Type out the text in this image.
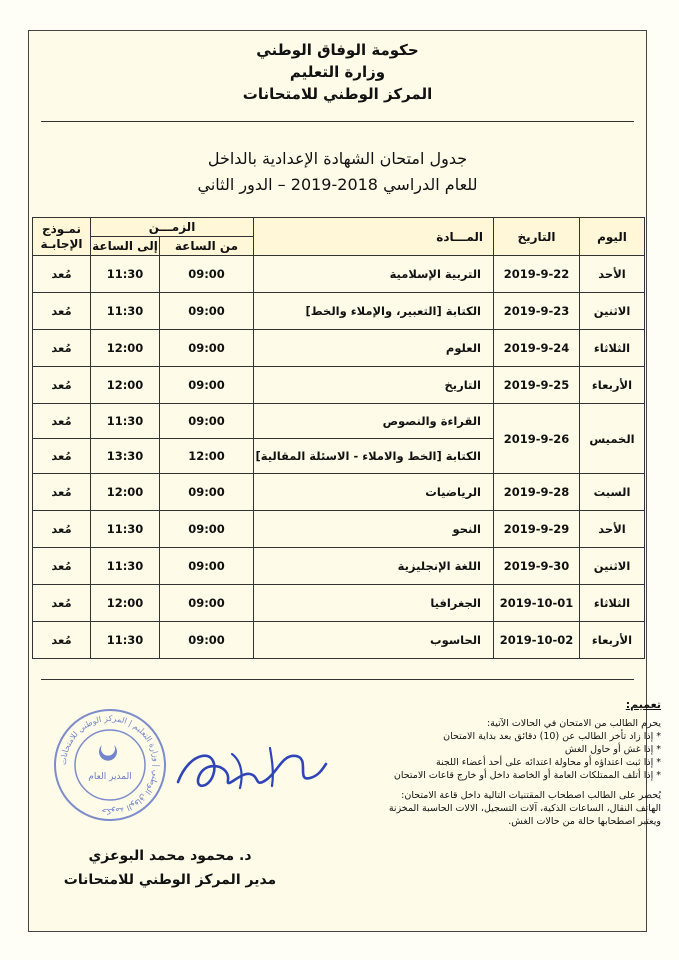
حكومة الوفاق الوطني
وزارة التعليم
المركز الوطني للامتحانات
جدول امتحان الشهادة الإعدادية بالداخل
للعام الدراسي 2018-2019 – الدور الثاني
اليوم	التاريخ	المـــادة	الزمـــن		نمـوذج الإجابـة
			من الساعة	إلى الساعة	
الأحد	2019-9-22	التربية الإسلامية	09:00	11:30	مُعد
الاثنين	2019-9-23	الكتابة [التعبير، والإملاء والخط]	09:00	11:30	مُعد
الثلاثاء	2019-9-24	العلوم	09:00	12:00	مُعد
الأربعاء	2019-9-25	التاريخ	09:00	12:00	مُعد
الخميس	2019-9-26	القراءة والنصوص	09:00	11:30	مُعد
		الكتابة [الخط والاملاء - الاسئلة المقالية]	12:00	13:30	مُعد
السبت	2019-9-28	الرياضيات	09:00	12:00	مُعد
الأحد	2019-9-29	النحو	09:00	11:30	مُعد
الاثنين	2019-9-30	اللغة الإنجليزية	09:00	11:30	مُعد
الثلاثاء	2019-10-01	الجغرافيا	09:00	12:00	مُعد
الأربعاء	2019-10-02	الحاسوب	09:00	11:30	مُعد
تعميم:
يحرم الطالب من الامتحان في الحالات الآتية:
* إذا زاد تأخر الطالب عن (10) دقائق بعد بداية الامتحان
* إذا غش أو حاول الغش
* إذا ثبت اعتداؤه أو محاولة اعتدائه على أحد أعضاء اللجنة
* إذا أتلف الممتلكات العامة أو الخاصة داخل أو خارج قاعات الامتحان
يُحضر على الطالب اصطحاب المقتنيات التالية داخل قاعة الامتحان:
الهاتف النقال، الساعات الذكية، آلات التسجيل، الالات الحاسبة المخزنة
ويعتبر اصطحابها حالة من حالات الغش.
حكومة الوفاق الوطني | وزارة التعليم | المركز الوطني للامتحانات
المدير العام
د. محمود محمد البوعزي
مدير المركز الوطني للامتحانات
